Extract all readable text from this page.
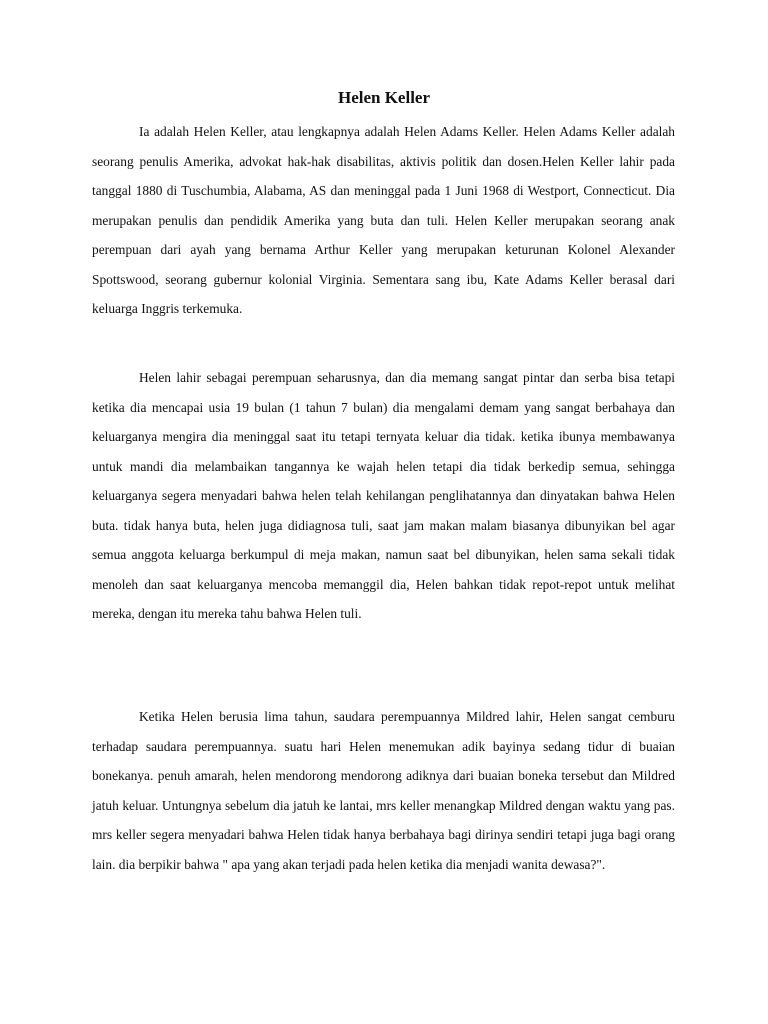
Helen Keller

Ia adalah Helen Keller, atau lengkapnya adalah Helen Adams Keller. Helen Adams Keller adalah seorang penulis Amerika, advokat hak-hak disabilitas, aktivis politik dan dosen.Helen Keller lahir pada tanggal 1880 di Tuschumbia, Alabama, AS dan meninggal pada 1 Juni 1968 di Westport, Connecticut. Dia merupakan penulis dan pendidik Amerika yang buta dan tuli. Helen Keller merupakan seorang anak perempuan dari ayah yang bernama Arthur Keller yang merupakan keturunan Kolonel Alexander Spottswood, seorang gubernur kolonial Virginia. Sementara sang ibu, Kate Adams Keller berasal dari keluarga Inggris terkemuka.

Helen lahir sebagai perempuan seharusnya, dan dia memang sangat pintar dan serba bisa tetapi ketika dia mencapai usia 19 bulan (1 tahun 7 bulan) dia mengalami demam yang sangat berbahaya dan keluarganya mengira dia meninggal saat itu tetapi ternyata keluar dia tidak. ketika ibunya membawanya untuk mandi dia melambaikan tangannya ke wajah helen tetapi dia tidak berkedip semua, sehingga keluarganya segera menyadari bahwa helen telah kehilangan penglihatannya dan dinyatakan bahwa Helen buta. tidak hanya buta, helen juga didiagnosa tuli, saat jam makan malam biasanya dibunyikan bel agar semua anggota keluarga berkumpul di meja makan, namun saat bel dibunyikan, helen sama sekali tidak menoleh dan saat keluarganya mencoba memanggil dia, Helen bahkan tidak repot-repot untuk melihat mereka, dengan itu mereka tahu bahwa Helen tuli.

Ketika Helen berusia lima tahun, saudara perempuannya Mildred lahir, Helen sangat cemburu terhadap saudara perempuannya. suatu hari Helen menemukan adik bayinya sedang tidur di buaian bonekanya. penuh amarah, helen mendorong mendorong adiknya dari buaian boneka tersebut dan Mildred jatuh keluar. Untungnya sebelum dia jatuh ke lantai, mrs keller menangkap Mildred dengan waktu yang pas. mrs keller segera menyadari bahwa Helen tidak hanya berbahaya bagi dirinya sendiri tetapi juga bagi orang lain. dia berpikir bahwa " apa yang akan terjadi pada helen ketika dia menjadi wanita dewasa?".
